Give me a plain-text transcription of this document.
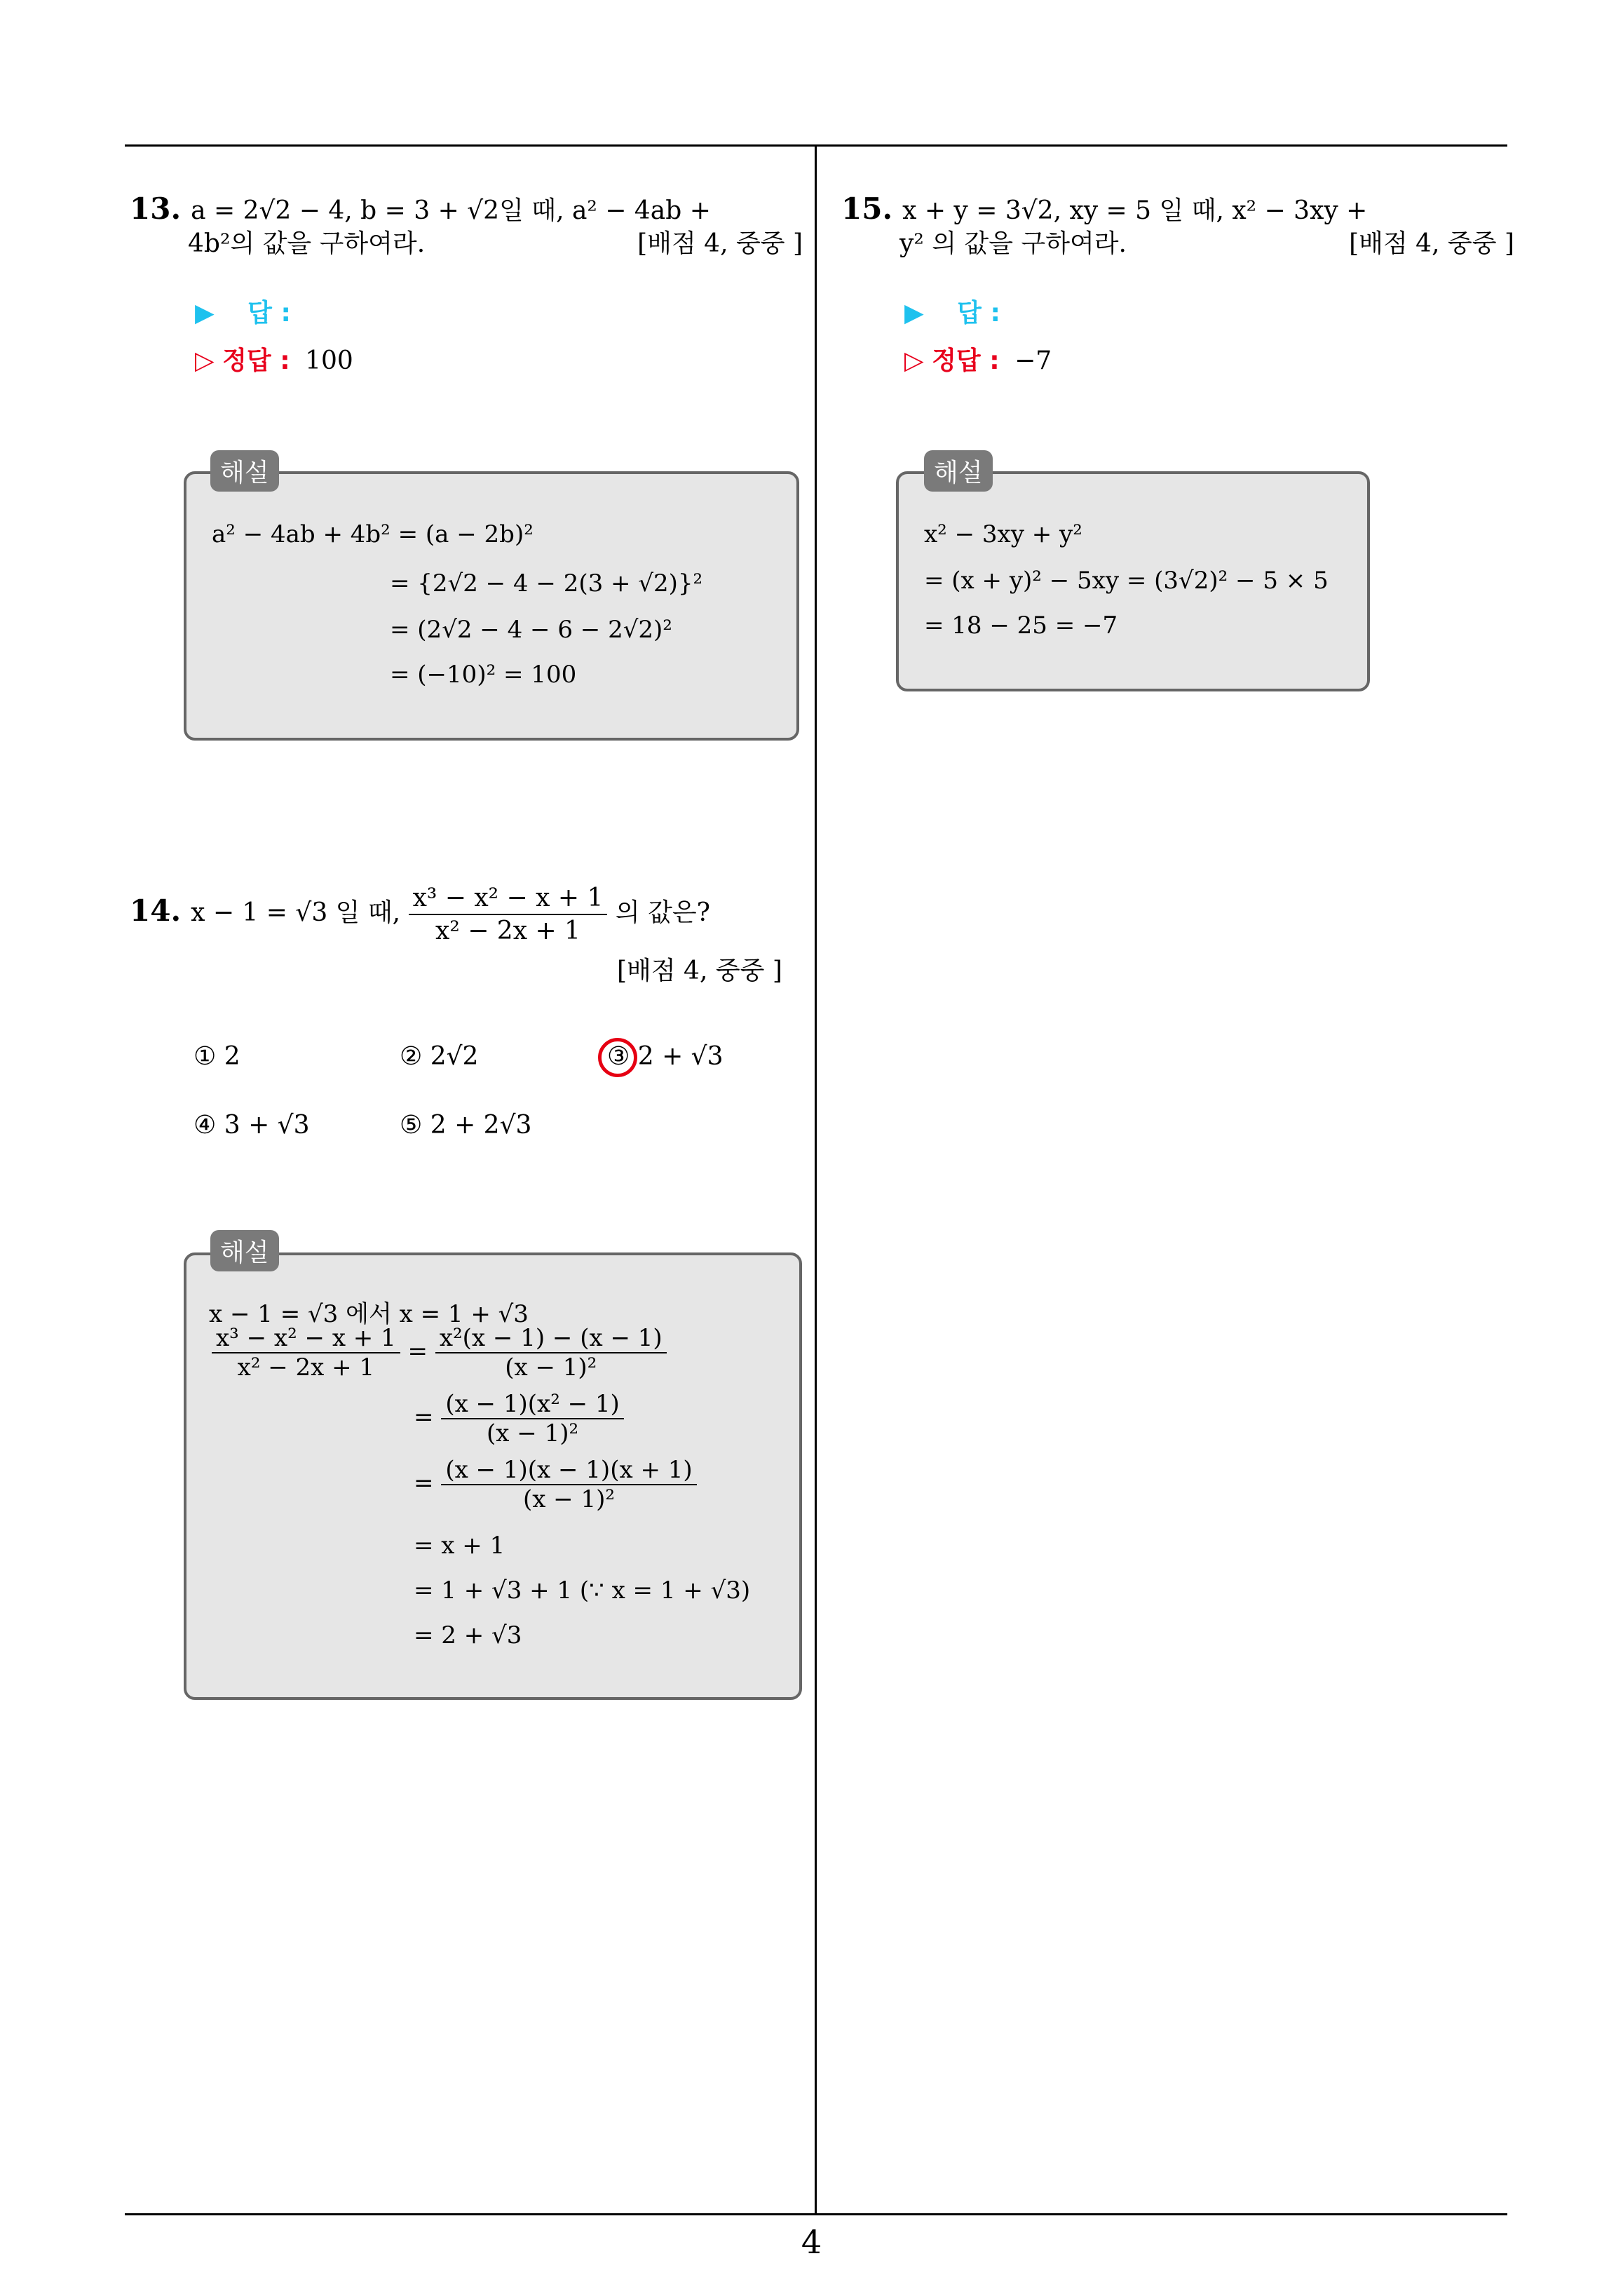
13. a = 2√2 − 4, b = 3 + √2일 때, a² − 4ab +
4b²의 값을 구하여라.	[배점 4, 중중 ]
▶ 답 :
▷ 정답 : 100
해설
a² − 4ab + 4b² = (a − 2b)²
= {2√2 − 4 − 2(3 + √2)}²
= (2√2 − 4 − 6 − 2√2)²
= (−10)² = 100
14. x − 1 = √3 일 때, $\frac{\text{x³ − x² − x + 1}}{\text{x² − 2x + 1}}$ 의 값은?
[배점 4, 중중 ]
① 2	② 2√2	③ 2 + √3
④ 3 + √3	⑤ 2 + 2√3
해설
x − 1 = √3 에서 x = 1 + √3
$\frac{\text{x³ − x² − x + 1}}{\text{x² − 2x + 1}} = \frac{\text{x²(x − 1) − (x − 1)}}{\text{(x − 1)²}}$
= $\frac{\text{(x − 1)(x² − 1)}}{\text{(x − 1)²}}$
= $\frac{(x - 1)(x - 1)(x + 1)}{\text{(x − 1)²}}$
= x + 1
= 1 + √3 + 1 (∵ x = 1 + √3)
= 2 + √3
15. x + y = 3√2, xy = 5 일 때, x² − 3xy +
y² 의 값을 구하여라.	[배점 4, 중중 ]
▶ 답 :
▷ 정답 : −7
해설
x² − 3xy + y²
= (x + y)² − 5xy = (3√2)² − 5 × 5
= 18 − 25 = −7
4
